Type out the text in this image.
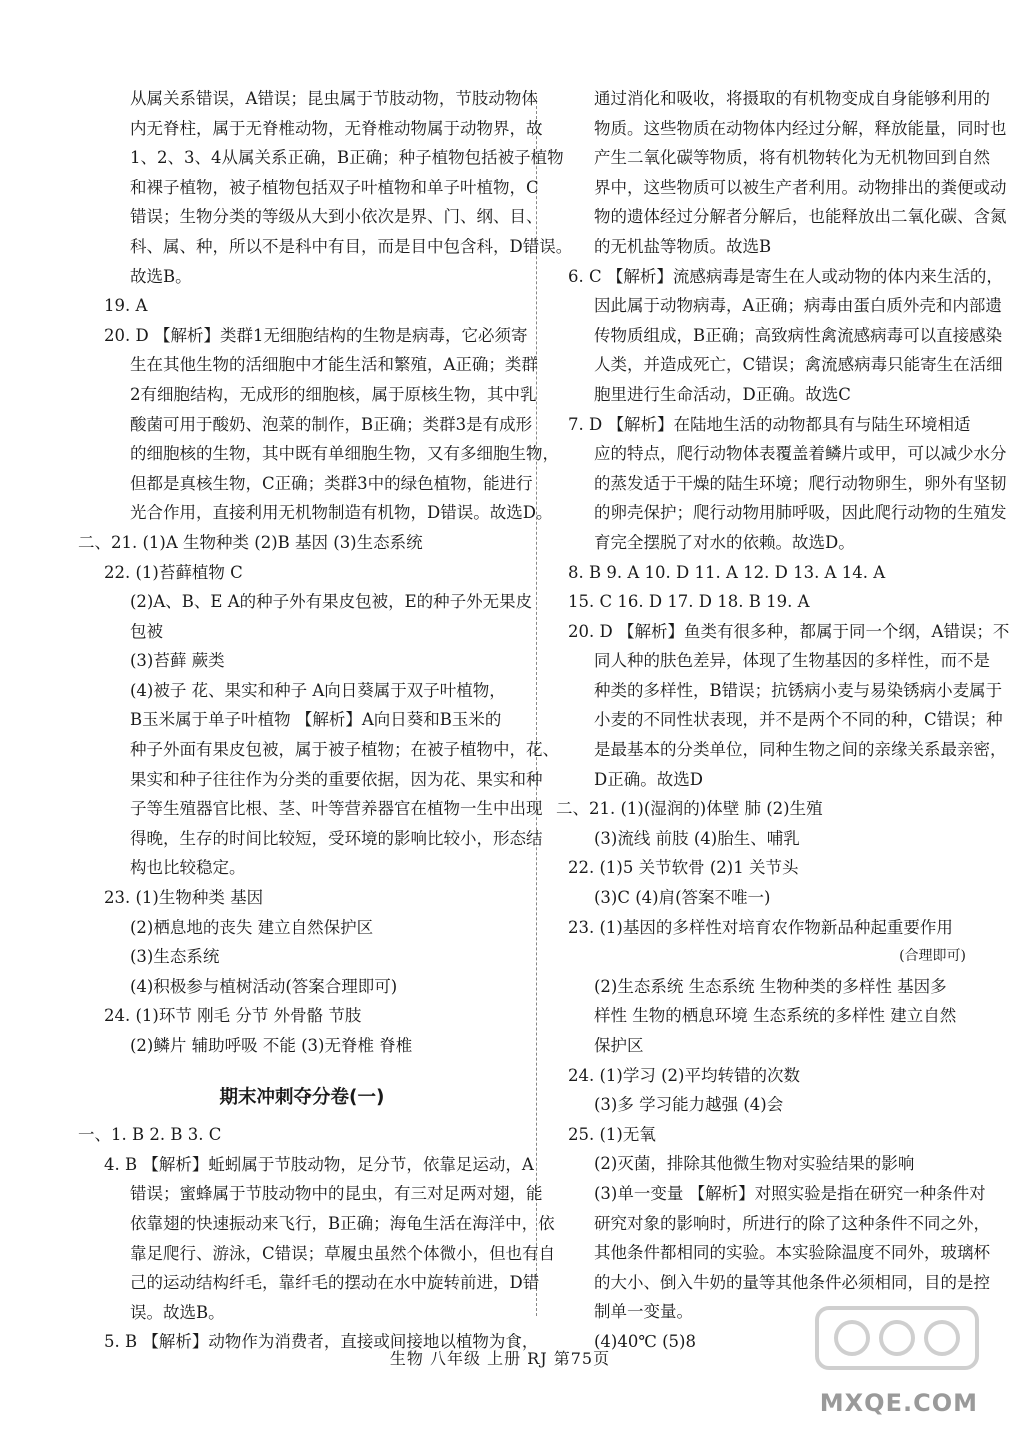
从属关系错误，A错误；昆虫属于节肢动物，节肢动物体
内无脊柱，属于无脊椎动物，无脊椎动物属于动物界，故
1、2、3、4从属关系正确，B正确；种子植物包括被子植物
和裸子植物，被子植物包括双子叶植物和单子叶植物，C
错误；生物分类的等级从大到小依次是界、门、纲、目、
科、属、种，所以不是科中有目，而是目中包含科，D错误。
故选B。
19. A
20. D 【解析】类群1无细胞结构的生物是病毒，它必须寄
生在其他生物的活细胞中才能生活和繁殖，A正确；类群
2有细胞结构，无成形的细胞核，属于原核生物，其中乳
酸菌可用于酸奶、泡菜的制作，B正确；类群3是有成形
的细胞核的生物，其中既有单细胞生物，又有多细胞生物，
但都是真核生物，C正确；类群3中的绿色植物，能进行
光合作用，直接利用无机物制造有机物，D错误。故选D。
二、21. (1)A 生物种类 (2)B 基因 (3)生态系统
22. (1)苔藓植物 C
(2)A、B、E A的种子外有果皮包被，E的种子外无果皮
包被
(3)苔藓 蕨类
(4)被子 花、果实和种子 A向日葵属于双子叶植物，
B玉米属于单子叶植物 【解析】A向日葵和B玉米的
种子外面有果皮包被，属于被子植物；在被子植物中，花、
果实和种子往往作为分类的重要依据，因为花、果实和种
子等生殖器官比根、茎、叶等营养器官在植物一生中出现
得晚，生存的时间比较短，受环境的影响比较小，形态结
构也比较稳定。
23. (1)生物种类 基因
(2)栖息地的丧失 建立自然保护区
(3)生态系统
(4)积极参与植树活动(答案合理即可)
24. (1)环节 刚毛 分节 外骨骼 节肢
(2)鳞片 辅助呼吸 不能 (3)无脊椎 脊椎
期末冲刺夺分卷(一)
一、1. B 2. B 3. C
4. B 【解析】蚯蚓属于节肢动物，足分节，依靠足运动，A
错误；蜜蜂属于节肢动物中的昆虫，有三对足两对翅，能
依靠翅的快速振动来飞行，B正确；海龟生活在海洋中，依
靠足爬行、游泳，C错误；草履虫虽然个体微小，但也有自
己的运动结构纤毛，靠纤毛的摆动在水中旋转前进，D错
误。故选B。
5. B 【解析】动物作为消费者，直接或间接地以植物为食，
通过消化和吸收，将摄取的有机物变成自身能够利用的
物质。这些物质在动物体内经过分解，释放能量，同时也
产生二氧化碳等物质，将有机物转化为无机物回到自然
界中，这些物质可以被生产者利用。动物排出的粪便或动
物的遗体经过分解者分解后，也能释放出二氧化碳、含氮
的无机盐等物质。故选B
6. C 【解析】流感病毒是寄生在人或动物的体内来生活的，
因此属于动物病毒，A正确；病毒由蛋白质外壳和内部遗
传物质组成，B正确；高致病性禽流感病毒可以直接感染
人类，并造成死亡，C错误；禽流感病毒只能寄生在活细
胞里进行生命活动，D正确。故选C
7. D 【解析】在陆地生活的动物都具有与陆生环境相适
应的特点，爬行动物体表覆盖着鳞片或甲，可以减少水分
的蒸发适于干燥的陆生环境；爬行动物卵生，卵外有坚韧
的卵壳保护；爬行动物用肺呼吸，因此爬行动物的生殖发
育完全摆脱了对水的依赖。故选D。
8. B 9. A 10. D 11. A 12. D 13. A 14. A
15. C 16. D 17. D 18. B 19. A
20. D 【解析】鱼类有很多种，都属于同一个纲，A错误；不
同人种的肤色差异，体现了生物基因的多样性，而不是
种类的多样性，B错误；抗锈病小麦与易染锈病小麦属于
小麦的不同性状表现，并不是两个不同的种，C错误；种
是最基本的分类单位，同种生物之间的亲缘关系最亲密，
D正确。故选D
二、21. (1)(湿润的)体壁 肺 (2)生殖
(3)流线 前肢 (4)胎生、哺乳
22. (1)5 关节软骨 (2)1 关节头
(3)C (4)肩(答案不唯一)
23. (1)基因的多样性对培育农作物新品种起重要作用
(合理即可)
(2)生态系统 生态系统 生物种类的多样性 基因多
样性 生物的栖息环境 生态系统的多样性 建立自然
保护区
24. (1)学习 (2)平均转错的次数
(3)多 学习能力越强 (4)会
25. (1)无氧
(2)灭菌，排除其他微生物对实验结果的影响
(3)单一变量 【解析】对照实验是指在研究一种条件对
研究对象的影响时，所进行的除了这种条件不同之外，
其他条件都相同的实验。本实验除温度不同外，玻璃杯
的大小、倒入牛奶的量等其他条件必须相同，目的是控
制单一变量。
(4)40℃ (5)8
生物 八年级 上册 RJ 第75页
MXQE.COM
